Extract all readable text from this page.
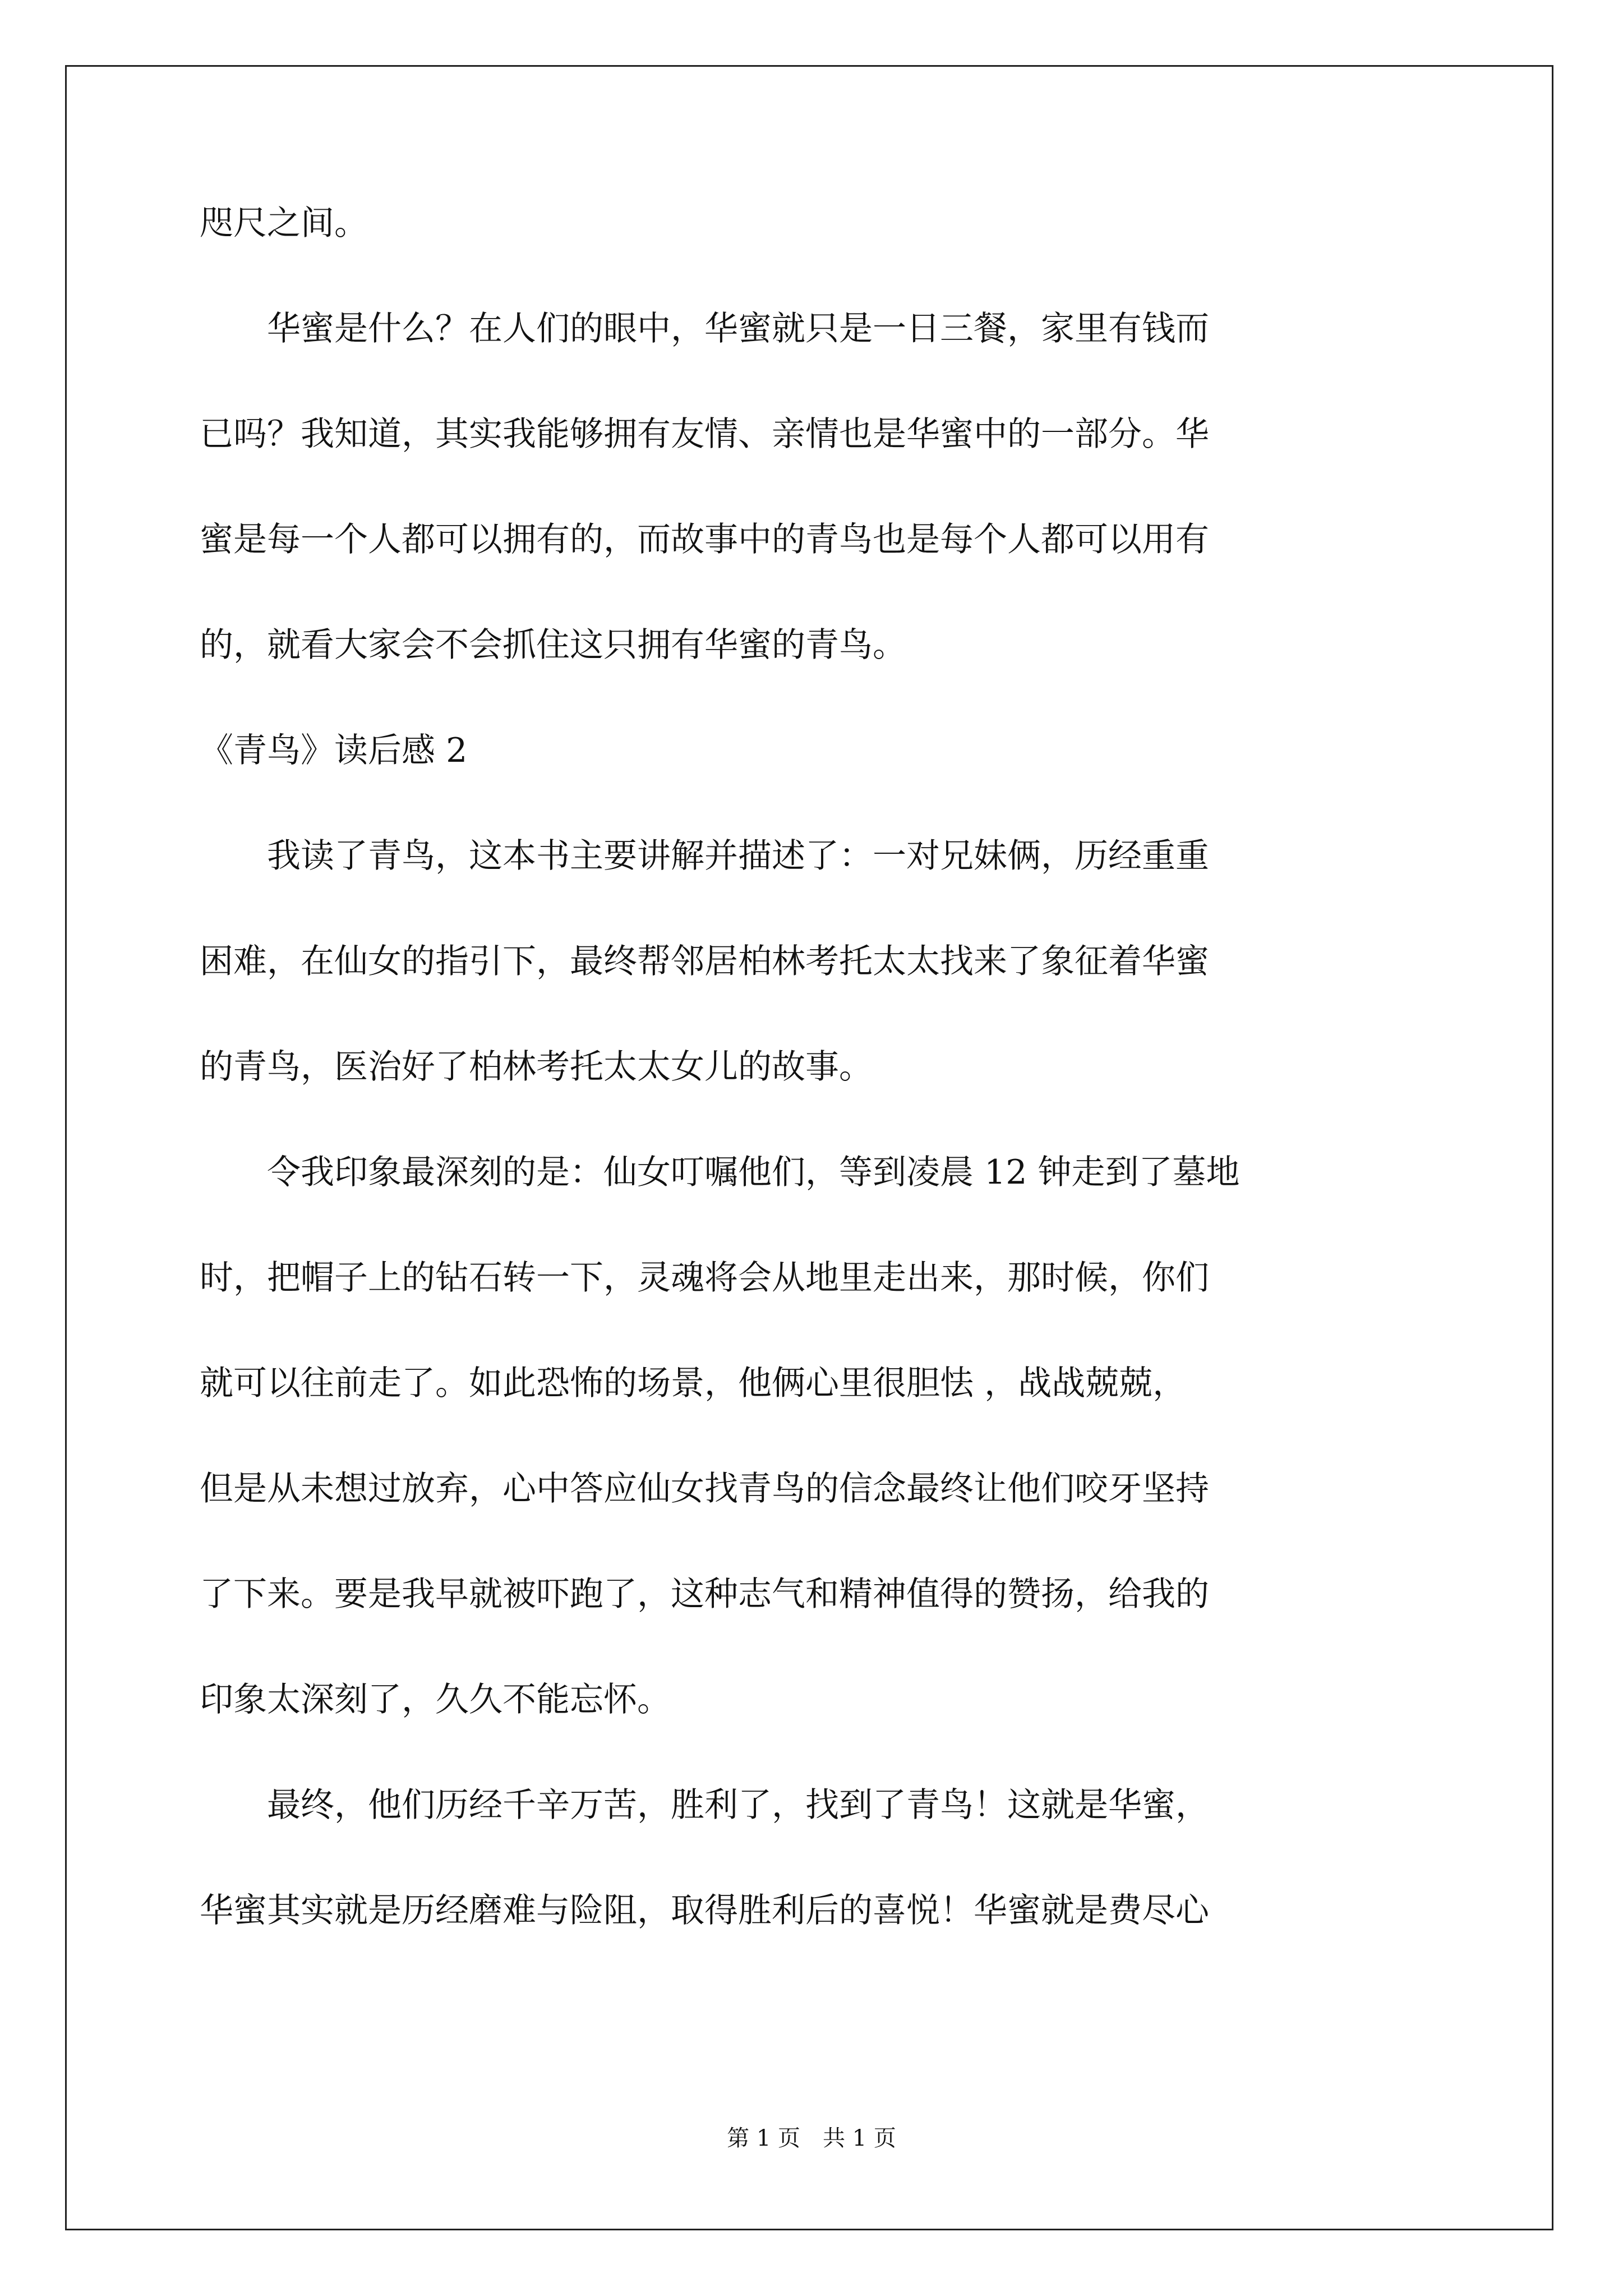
咫尺之间。

　　华蜜是什么？在人们的眼中，华蜜就只是一日三餐，家里有钱而

已吗？我知道，其实我能够拥有友情、亲情也是华蜜中的一部分。华

蜜是每一个人都可以拥有的，而故事中的青鸟也是每个人都可以用有

的，就看大家会不会抓住这只拥有华蜜的青鸟。

《青鸟》读后感 2

　　我读了青鸟，这本书主要讲解并描述了：一对兄妹俩，历经重重

困难，在仙女的指引下，最终帮邻居柏林考托太太找来了象征着华蜜

的青鸟，医治好了柏林考托太太女儿的故事。

　　令我印象最深刻的是：仙女叮嘱他们，等到凌晨 12 钟走到了墓地

时，把帽子上的钻石转一下，灵魂将会从地里走出来，那时候，你们

就可以往前走了。如此恐怖的场景，他俩心里很胆怯 ，战战兢兢，

但是从未想过放弃，心中答应仙女找青鸟的信念最终让他们咬牙坚持

了下来。要是我早就被吓跑了，这种志气和精神值得的赞扬，给我的

印象太深刻了，久久不能忘怀。

　　最终，他们历经千辛万苦，胜利了，找到了青鸟！这就是华蜜，

华蜜其实就是历经磨难与险阻，取得胜利后的喜悦！华蜜就是费尽心

第 1 页　共 1 页
